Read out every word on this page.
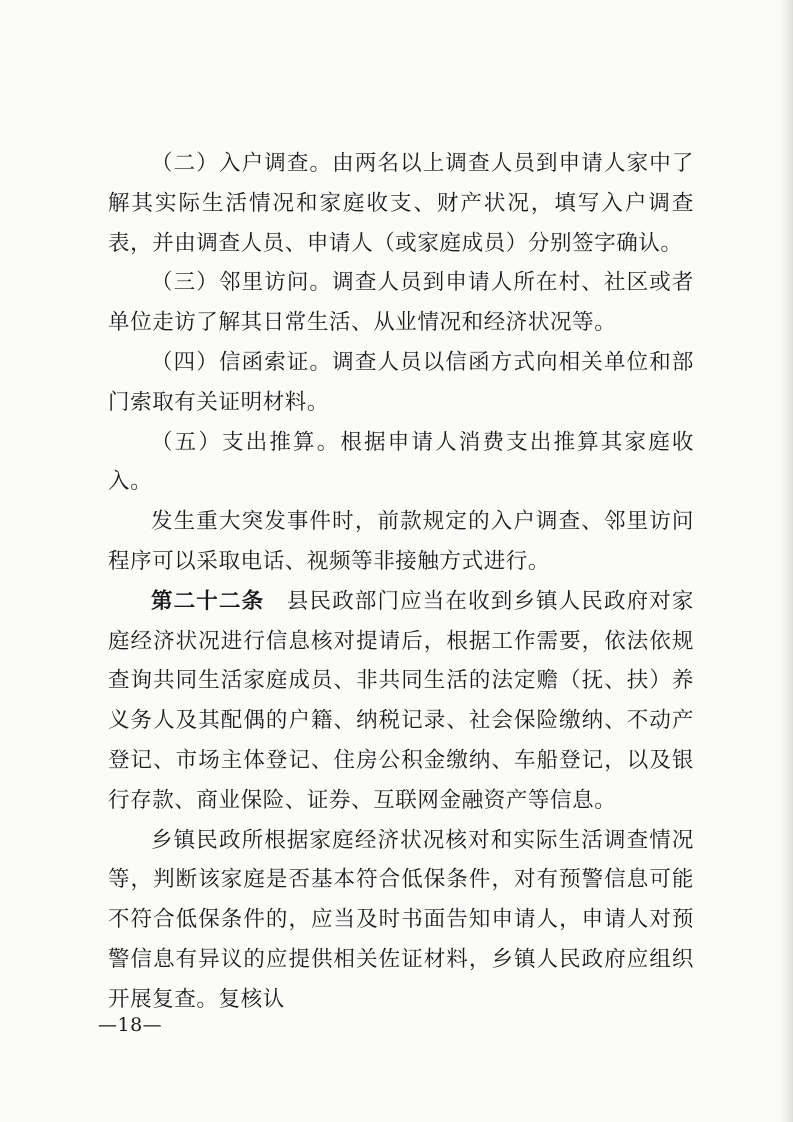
（二）入户调查。由两名以上调查人员到申请人家中了解其实际生活情况和家庭收支、财产状况，填写入户调查表，并由调查人员、申请人（或家庭成员）分别签字确认。

（三）邻里访问。调查人员到申请人所在村、社区或者单位走访了解其日常生活、从业情况和经济状况等。

（四）信函索证。调查人员以信函方式向相关单位和部门索取有关证明材料。

（五）支出推算。根据申请人消费支出推算其家庭收入。

发生重大突发事件时，前款规定的入户调查、邻里访问程序可以采取电话、视频等非接触方式进行。

第二十二条　县民政部门应当在收到乡镇人民政府对家庭经济状况进行信息核对提请后，根据工作需要，依法依规查询共同生活家庭成员、非共同生活的法定赡（抚、扶）养义务人及其配偶的户籍、纳税记录、社会保险缴纳、不动产登记、市场主体登记、住房公积金缴纳、车船登记，以及银行存款、商业保险、证券、互联网金融资产等信息。

乡镇民政所根据家庭经济状况核对和实际生活调查情况等，判断该家庭是否基本符合低保条件，对有预警信息可能不符合低保条件的，应当及时书面告知申请人，申请人对预警信息有异议的应提供相关佐证材料，乡镇人民政府应组织开展复查。复核认

—18—
